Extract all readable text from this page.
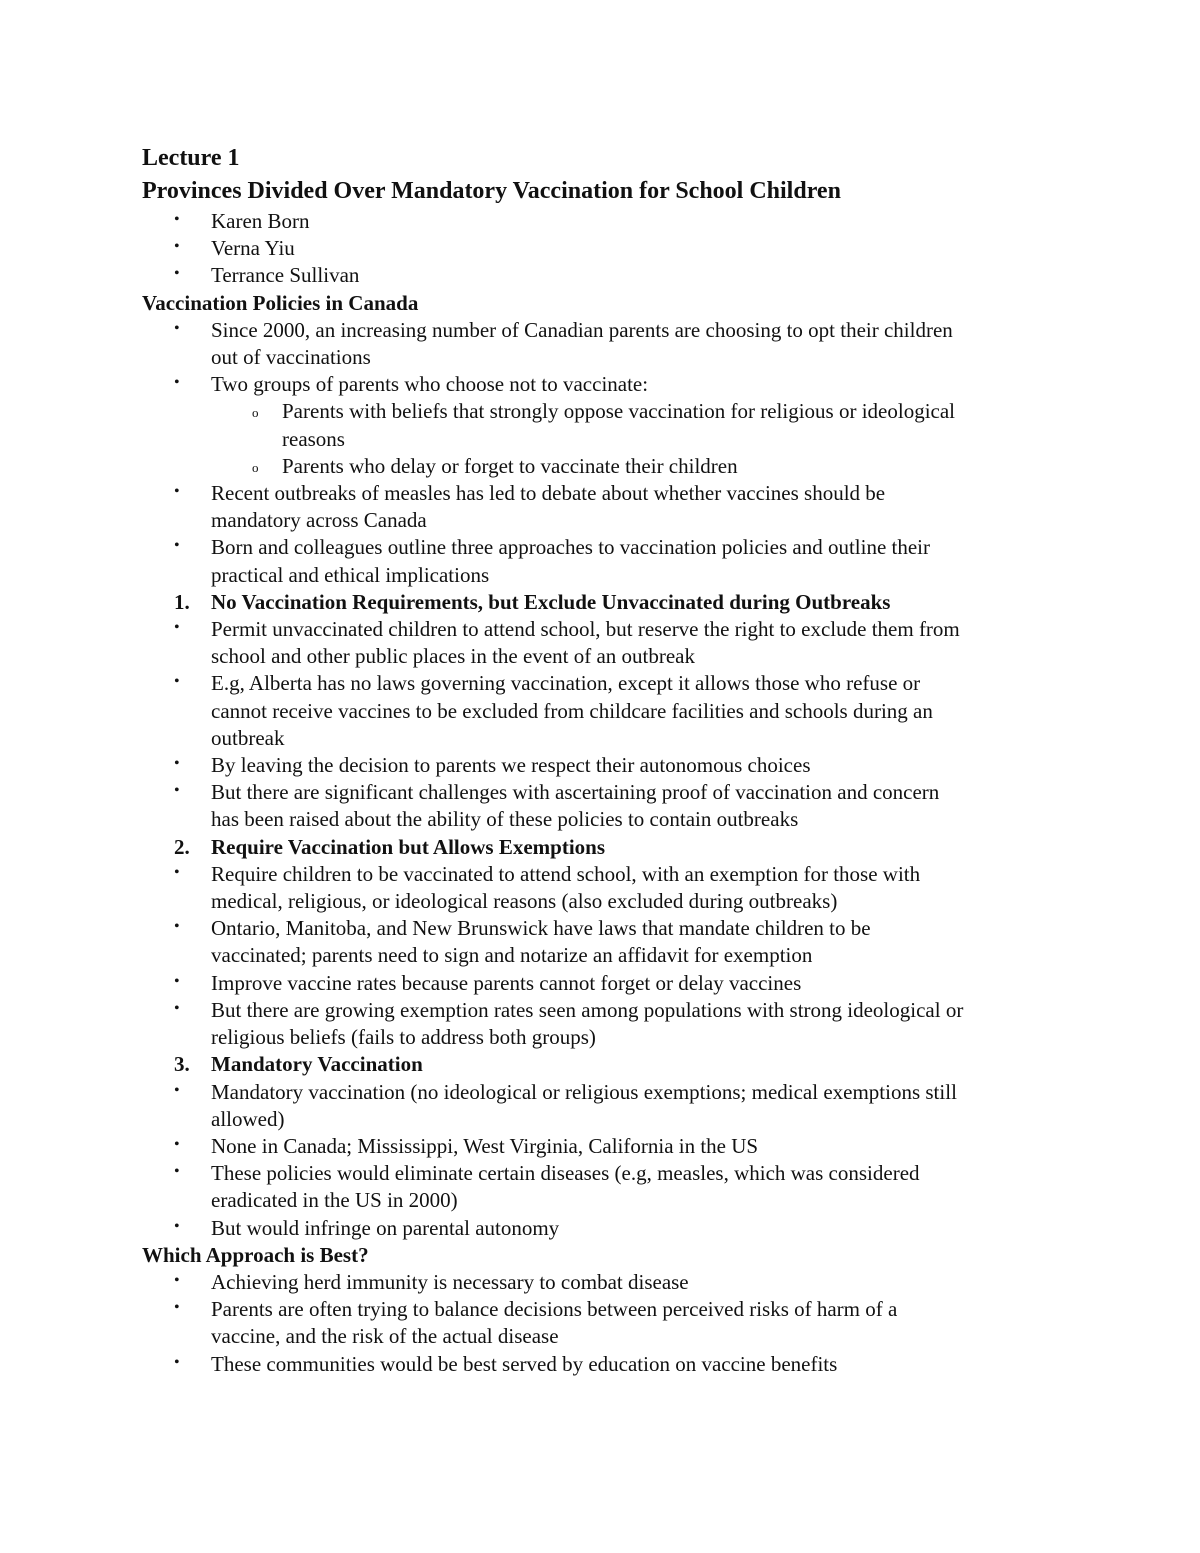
Lecture 1

Provinces Divided Over Mandatory Vaccination for School Children

• Karen Born
• Verna Yiu
• Terrance Sullivan

Vaccination Policies in Canada

• Since 2000, an increasing number of Canadian parents are choosing to opt their children
out of vaccinations
• Two groups of parents who choose not to vaccinate:
o Parents with beliefs that strongly oppose vaccination for religious or ideological
reasons
o Parents who delay or forget to vaccinate their children
• Recent outbreaks of measles has led to debate about whether vaccines should be
mandatory across Canada
• Born and colleagues outline three approaches to vaccination policies and outline their
practical and ethical implications
1. No Vaccination Requirements, but Exclude Unvaccinated during Outbreaks
• Permit unvaccinated children to attend school, but reserve the right to exclude them from
school and other public places in the event of an outbreak
• E.g, Alberta has no laws governing vaccination, except it allows those who refuse or
cannot receive vaccines to be excluded from childcare facilities and schools during an
outbreak
• By leaving the decision to parents we respect their autonomous choices
• But there are significant challenges with ascertaining proof of vaccination and concern
has been raised about the ability of these policies to contain outbreaks
2. Require Vaccination but Allows Exemptions
• Require children to be vaccinated to attend school, with an exemption for those with
medical, religious, or ideological reasons (also excluded during outbreaks)
• Ontario, Manitoba, and New Brunswick have laws that mandate children to be
vaccinated; parents need to sign and notarize an affidavit for exemption
• Improve vaccine rates because parents cannot forget or delay vaccines
• But there are growing exemption rates seen among populations with strong ideological or
religious beliefs (fails to address both groups)
3. Mandatory Vaccination
• Mandatory vaccination (no ideological or religious exemptions; medical exemptions still
allowed)
• None in Canada; Mississippi, West Virginia, California in the US
• These policies would eliminate certain diseases (e.g, measles, which was considered
eradicated in the US in 2000)
• But would infringe on parental autonomy

Which Approach is Best?

• Achieving herd immunity is necessary to combat disease
• Parents are often trying to balance decisions between perceived risks of harm of a
vaccine, and the risk of the actual disease
• These communities would be best served by education on vaccine benefits
